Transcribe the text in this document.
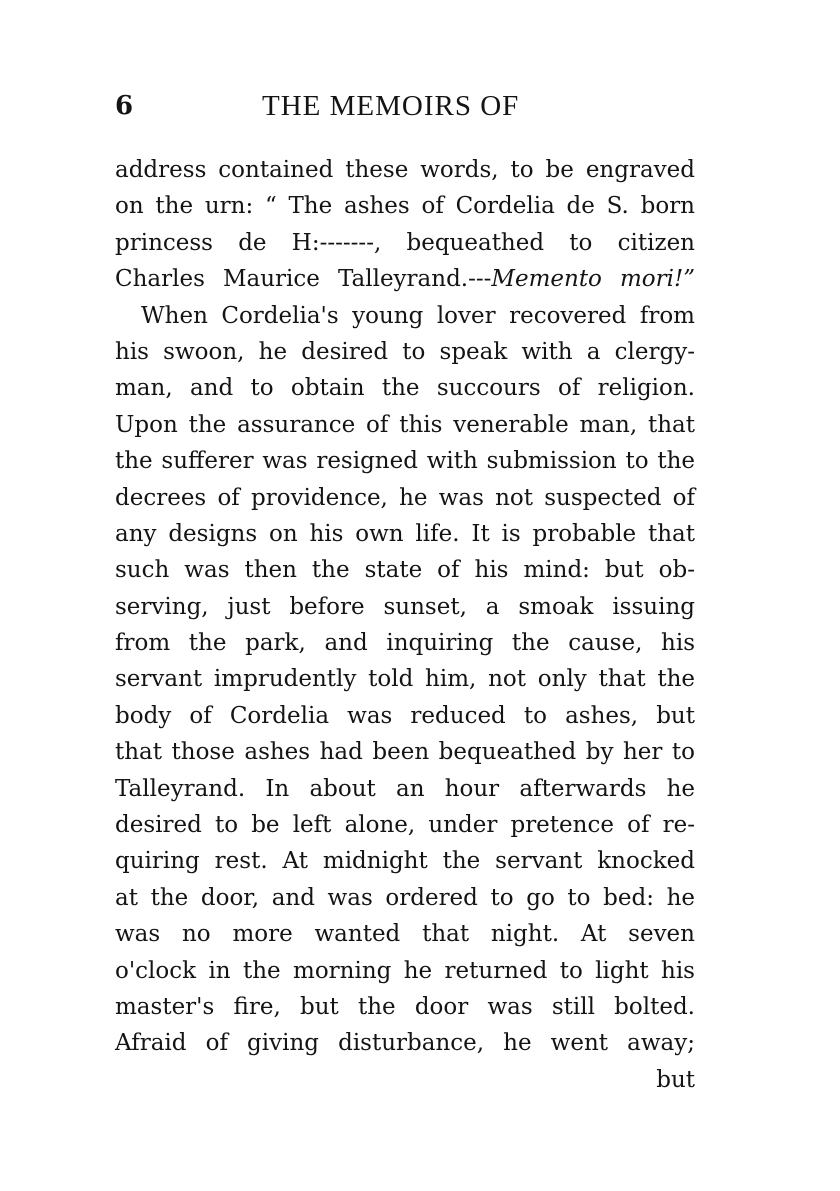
6	THE MEMOIRS OF
address contained these words, to be engraved
on the urn: “ The ashes of Cordelia de S. born
princess de H:-------, bequeathed to citizen
Charles Maurice Talleyrand.---Memento mori!”
When Cordelia's young lover recovered from
his swoon, he desired to speak with a clergy-
man, and to obtain the succours of religion.
Upon the assurance of this venerable man, that
the sufferer was resigned with submission to the
decrees of providence, he was not suspected of
any designs on his own life. It is probable that
such was then the state of his mind: but ob-
serving, just before sunset, a smoak issuing
from the park, and inquiring the cause, his
servant imprudently told him, not only that the
body of Cordelia was reduced to ashes, but
that those ashes had been bequeathed by her to
Talleyrand. In about an hour afterwards he
desired to be left alone, under pretence of re-
quiring rest. At midnight the servant knocked
at the door, and was ordered to go to bed: he
was no more wanted that night. At seven
o'clock in the morning he returned to light his
master's fire, but the door was still bolted.
Afraid of giving disturbance, he went away;
but
